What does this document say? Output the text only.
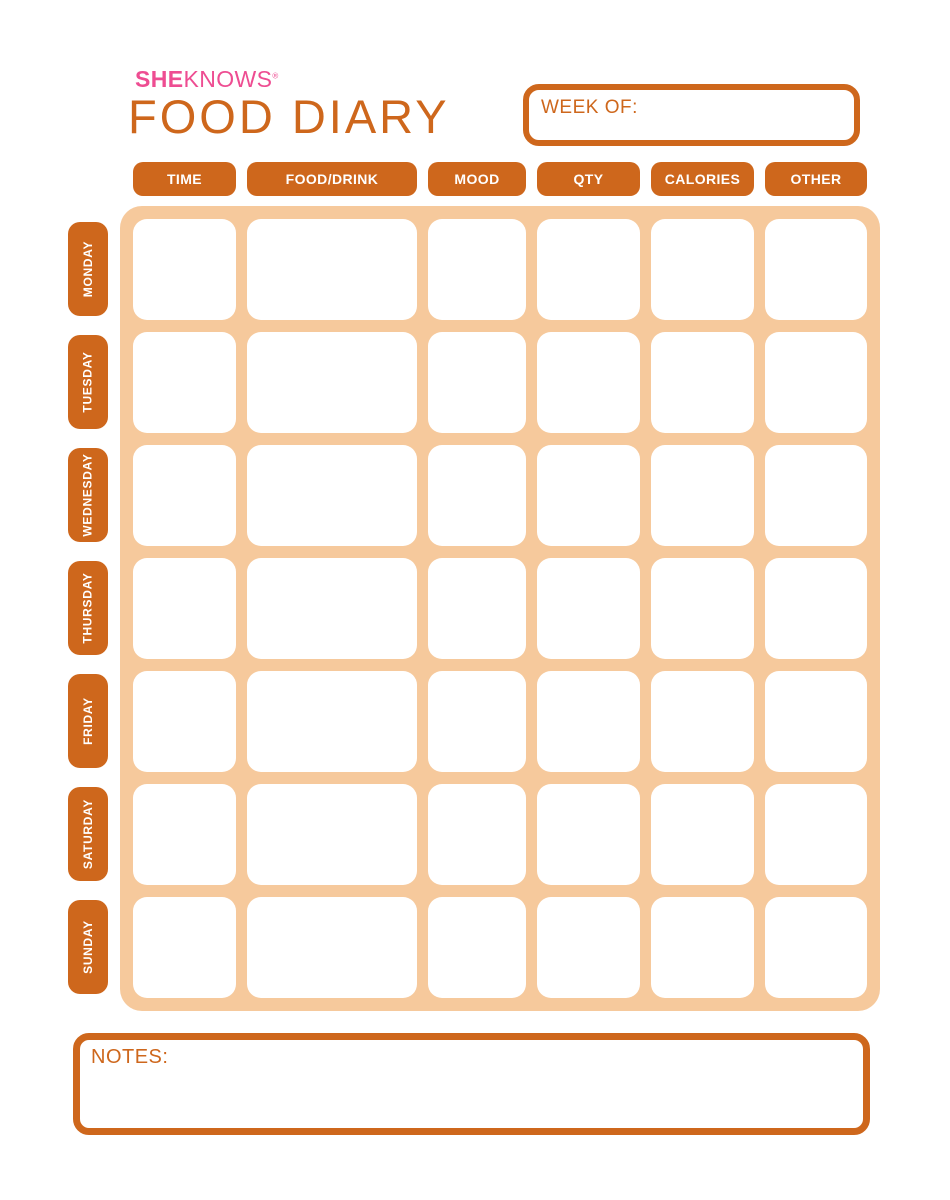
SHEKNOWS®
FOOD DIARY	WEEK OF:
TIME	FOOD/DRINK	MOOD	QTY	CALORIES	OTHER
MONDAY
TUESDAY
WEDNESDAY
THURSDAY
FRIDAY
SATURDAY
SUNDAY
NOTES:
